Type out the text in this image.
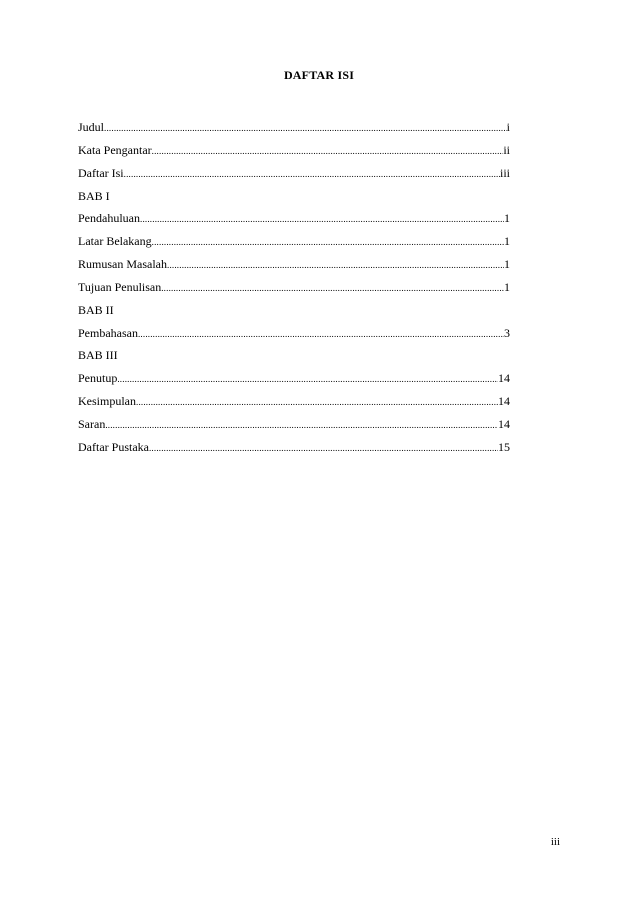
DAFTAR ISI
Judul .....	i
Kata Pengantar .....	ii
Daftar Isi .....	iii
BAB I
Pendahuluan .....	1
Latar Belakang .....	1
Rumusan Masalah .....	1
Tujuan Penulisan .....	1
BAB II
Pembahasan .....	3
BAB III
Penutup .....	14
Kesimpulan .....	14
Saran .....	14
Daftar Pustaka .....	15
iii
